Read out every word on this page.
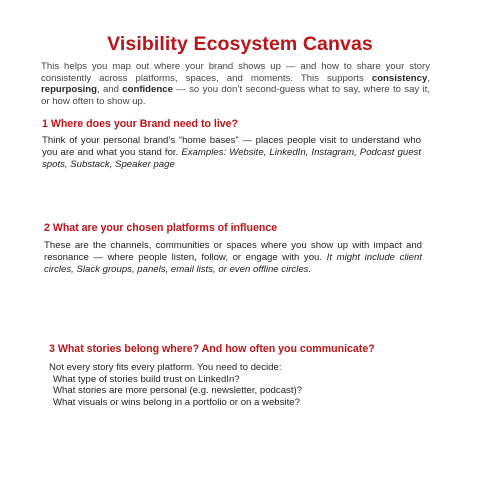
Visibility Ecosystem Canvas

This helps you map out where your brand shows up — and how to share your story consistently across platforms, spaces, and moments. This supports consistency, repurposing, and confidence — so you don’t second-guess what to say, where to say it, or how often to show up.

1 Where does your Brand need to live?

Think of your personal brand’s “home bases” — places people visit to understand who you are and what you stand for. Examples: Website, LinkedIn, Instagram, Podcast guest spots, Substack, Speaker page

2 What are your chosen platforms of influence

These are the channels, communities or spaces where you show up with impact and resonance — where people listen, follow, or engage with you. It might include client circles, Slack groups, panels, email lists, or even offline circles.

3 What stories belong where? And how often you communicate?
Not every story fits every platform. You need to decide:
What type of stories build trust on LinkedIn?
What stories are more personal (e.g. newsletter, podcast)?
What visuals or wins belong in a portfolio or on a website?
